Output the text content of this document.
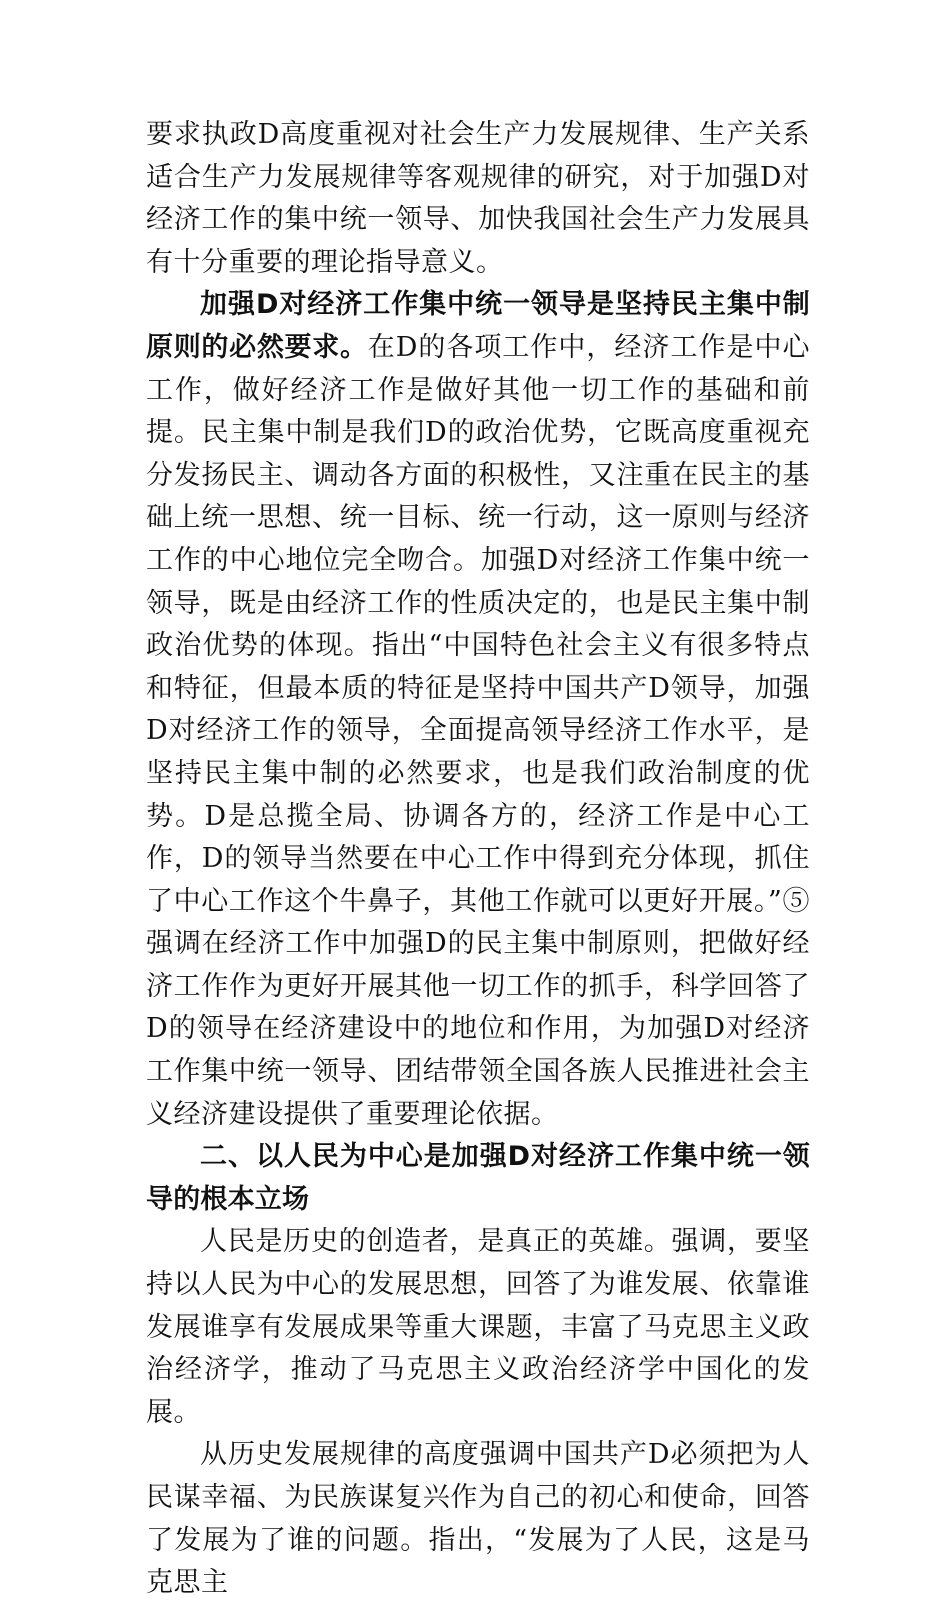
要求执政D高度重视对社会生产力发展规律、生产关系适合生产力发展规律等客观规律的研究，对于加强D对经济工作的集中统一领导、加快我国社会生产力发展具有十分重要的理论指导意义。

加强D对经济工作集中统一领导是坚持民主集中制原则的必然要求。在D的各项工作中，经济工作是中心工作，做好经济工作是做好其他一切工作的基础和前提。民主集中制是我们D的政治优势，它既高度重视充分发扬民主、调动各方面的积极性，又注重在民主的基础上统一思想、统一目标、统一行动，这一原则与经济工作的中心地位完全吻合。加强D对经济工作集中统一领导，既是由经济工作的性质决定的，也是民主集中制政治优势的体现。指出“中国特色社会主义有很多特点和特征，但最本质的特征是坚持中国共产D领导，加强D对经济工作的领导，全面提高领导经济工作水平，是坚持民主集中制的必然要求，也是我们政治制度的优势。D是总揽全局、协调各方的，经济工作是中心工作，D的领导当然要在中心工作中得到充分体现，抓住了中心工作这个牛鼻子，其他工作就可以更好开展。”⑤强调在经济工作中加强D的民主集中制原则，把做好经济工作作为更好开展其他一切工作的抓手，科学回答了D的领导在经济建设中的地位和作用，为加强D对经济工作集中统一领导、团结带领全国各族人民推进社会主义经济建设提供了重要理论依据。

二、以人民为中心是加强D对经济工作集中统一领导的根本立场

人民是历史的创造者，是真正的英雄。强调，要坚持以人民为中心的发展思想，回答了为谁发展、依靠谁发展谁享有发展成果等重大课题，丰富了马克思主义政治经济学，推动了马克思主义政治经济学中国化的发展。

从历史发展规律的高度强调中国共产D必须把为人民谋幸福、为民族谋复兴作为自己的初心和使命，回答了发展为了谁的问题。指出，“发展为了人民，这是马克思主
